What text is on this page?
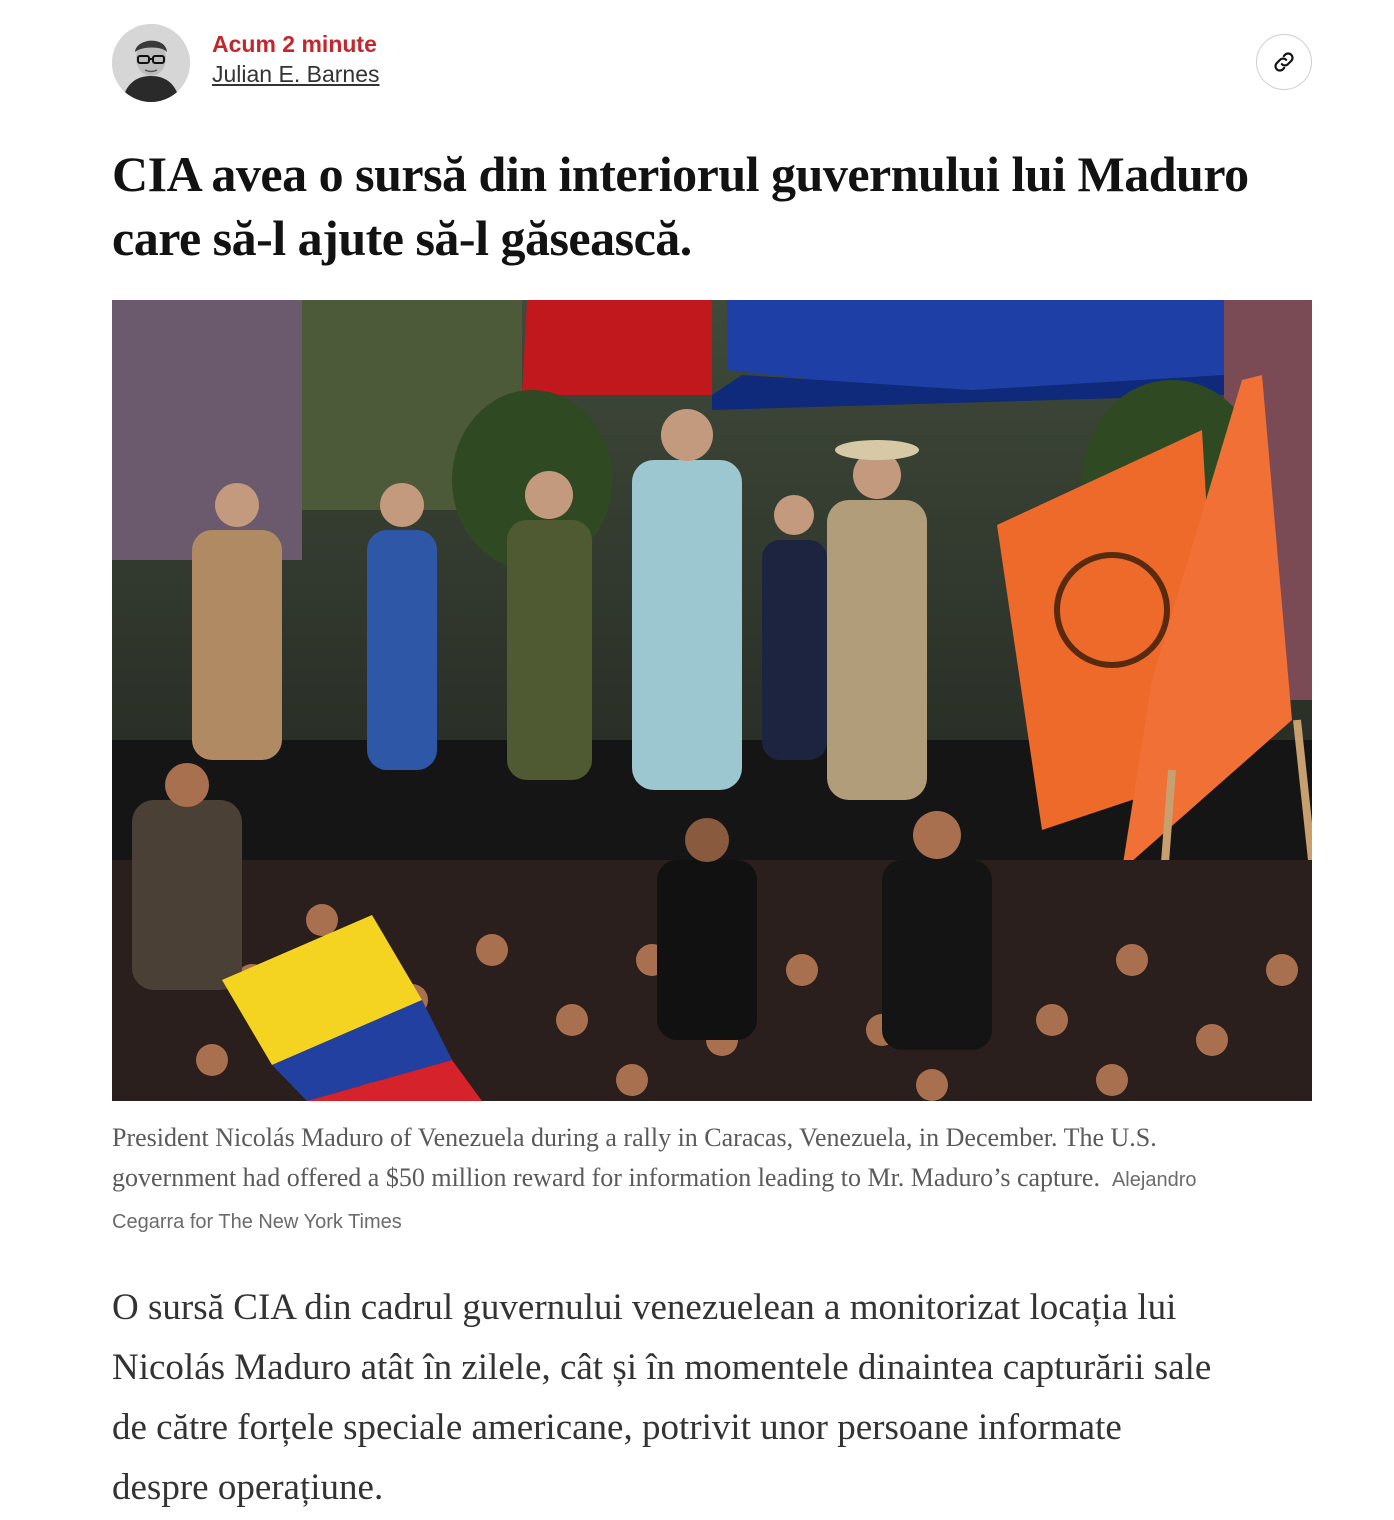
Acum 2 minute
Julian E. Barnes
CIA avea o sursă din interiorul guvernului lui Maduro care să-l ajute să-l găsească.
President Nicolás Maduro of Venezuela during a rally in Caracas, Venezuela, in December. The U.S. government had offered a $50 million reward for information leading to Mr. Maduro’s capture. Alejandro Cegarra for The New York Times

O sursă CIA din cadrul guvernului venezuelean a monitorizat locația lui Nicolás Maduro atât în zilele, cât și în momentele dinaintea capturării sale de către forțele speciale americane, potrivit unor persoane informate despre operațiune.
